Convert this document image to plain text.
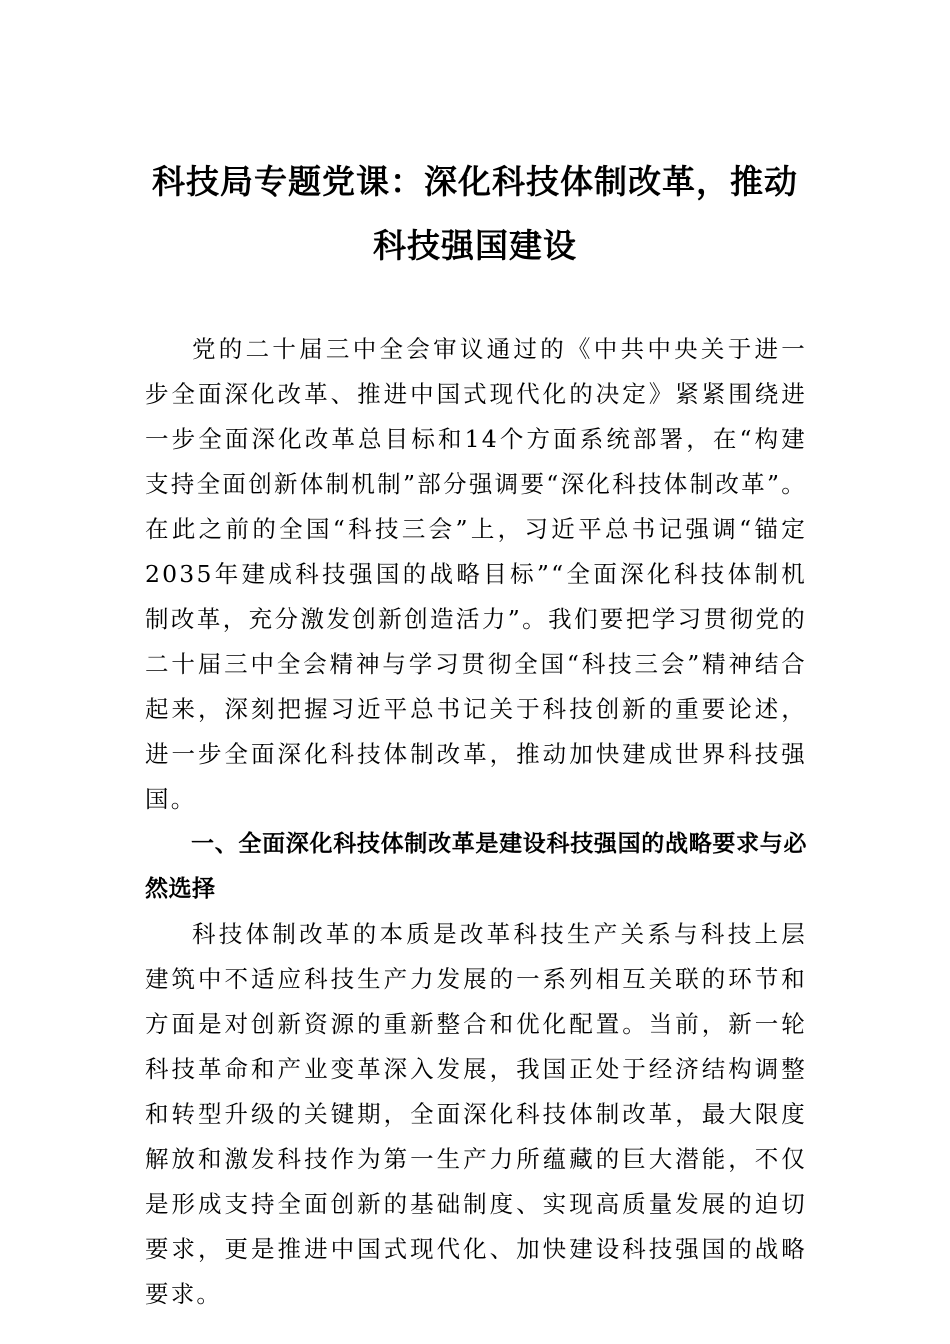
科技局专题党课：深化科技体制改革，推动科技强国建设

党的二十届三中全会审议通过的《中共中央关于进一步全面深化改革、推进中国式现代化的决定》紧紧围绕进一步全面深化改革总目标和14个方面系统部署，在“构建支持全面创新体制机制”部分强调要“深化科技体制改革”。在此之前的全国“科技三会”上，习近平总书记强调“锚定2035年建成科技强国的战略目标”“全面深化科技体制机制改革，充分激发创新创造活力”。我们要把学习贯彻党的二十届三中全会精神与学习贯彻全国“科技三会”精神结合起来，深刻把握习近平总书记关于科技创新的重要论述，进一步全面深化科技体制改革，推动加快建成世界科技强国。

一、全面深化科技体制改革是建设科技强国的战略要求与必然选择

科技体制改革的本质是改革科技生产关系与科技上层建筑中不适应科技生产力发展的一系列相互关联的环节和方面是对创新资源的重新整合和优化配置。当前，新一轮科技革命和产业变革深入发展，我国正处于经济结构调整和转型升级的关键期，全面深化科技体制改革，最大限度解放和激发科技作为第一生产力所蕴藏的巨大潜能，不仅是形成支持全面创新的基础制度、实现高质量发展的迫切要求，更是推进中国式现代化、加快建设科技强国的战略要求。
